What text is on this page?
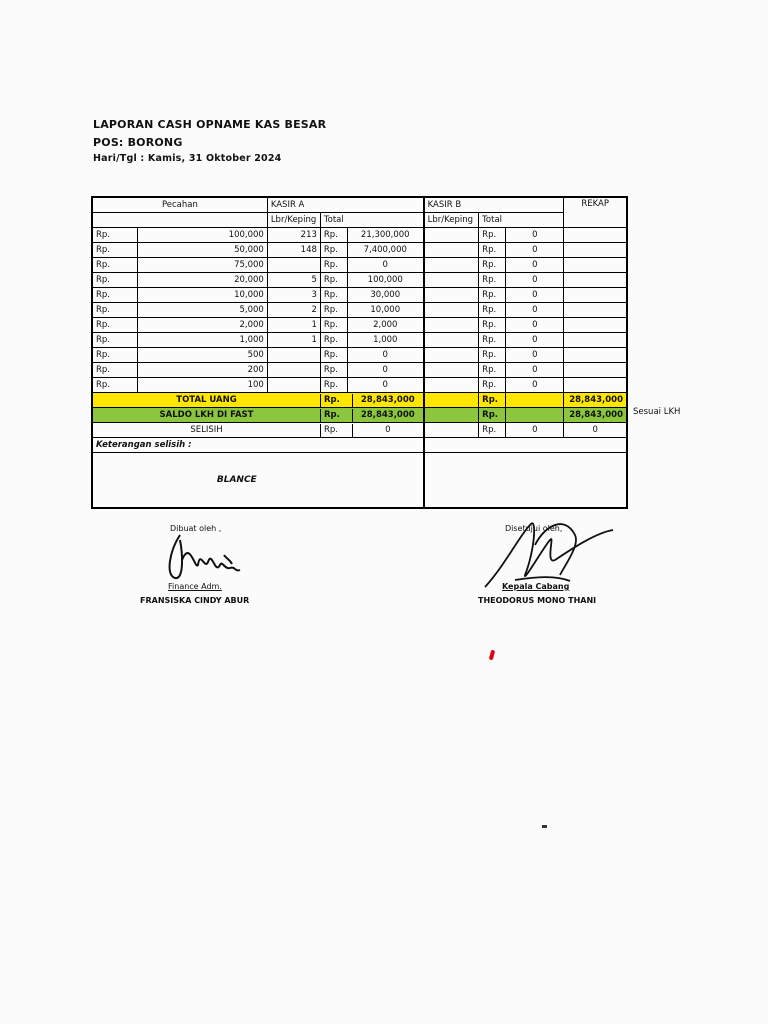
LAPORAN CASH OPNAME KAS BESAR
POS: BORONG
Hari/Tgl : Kamis, 31 Oktober 2024
Pecahan		KASIR A			KASIR B			REKAP
		Lbr/Keping	Total		Lbr/Keping	Total		
Rp.	100,000	213	Rp.	21,300,000		Rp.	0	
Rp.	50,000	148	Rp.	7,400,000		Rp.	0	
Rp.	75,000		Rp.	0		Rp.	0	
Rp.	20,000	5	Rp.	100,000		Rp.	0	
Rp.	10,000	3	Rp.	30,000		Rp.	0	
Rp.	5,000	2	Rp.	10,000		Rp.	0	
Rp.	2,000	1	Rp.	2,000		Rp.	0	
Rp.	1,000	1	Rp.	1,000		Rp.	0	
Rp.	500		Rp.	0		Rp.	0	
Rp.	200		Rp.	0		Rp.	0	
Rp.	100		Rp.	0		Rp.	0	

TOTAL UANG Rp. 28,843,000						Rp.		28,843,000

SALDO LKH DI FAST Rp. 28,843,000						Rp.		28,843,000

SELISIH Rp. 0						Rp.	0	0
Keterangan selisih :								
BLANCE								
Sesuai LKH
Dibuat oleh ,
Finance Adm.
FRANSISKA CINDY ABUR
Disetujui oleh,
Kepala Cabang
THEODORUS MONO THANI
